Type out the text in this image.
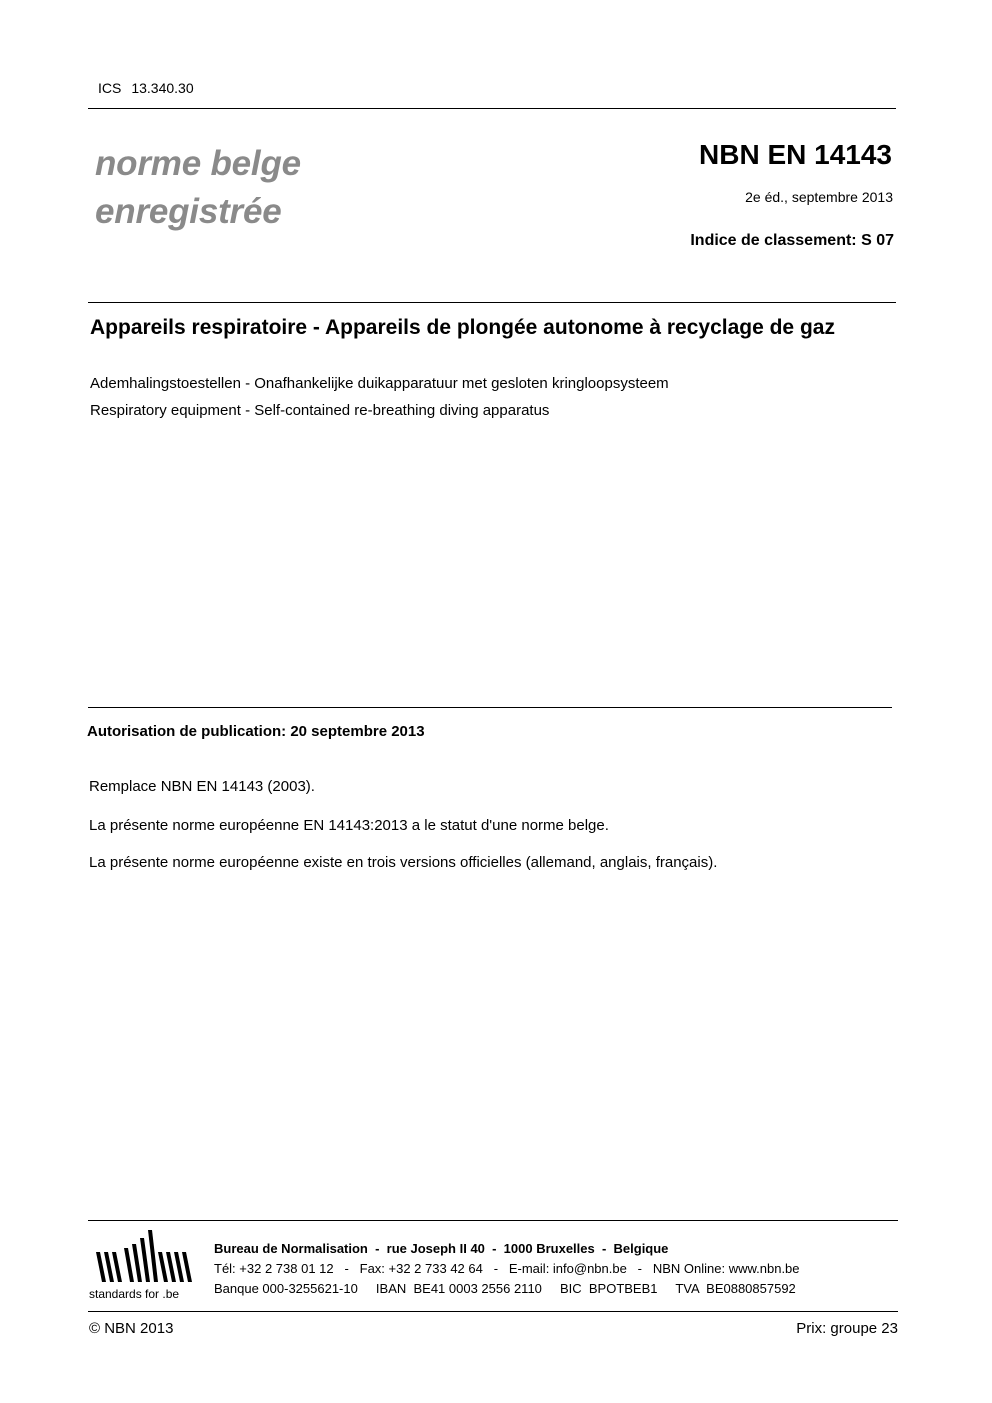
ICS 13.340.30
norme belge
enregistrée
NBN EN 14143
2e éd., septembre 2013
Indice de classement: S 07
Appareils respiratoire - Appareils de plongée autonome à recyclage de gaz
Ademhalingstoestellen - Onafhankelijke duikapparatuur met gesloten kringloopsysteem
Respiratory equipment - Self-contained re-breathing diving apparatus
Autorisation de publication: 20 septembre 2013
Remplace NBN EN 14143 (2003).
La présente norme européenne EN 14143:2013 a le statut d'une norme belge.
La présente norme européenne existe en trois versions officielles (allemand, anglais, français).
standards for .be
Bureau de Normalisation  -  rue Joseph II 40  -  1000 Bruxelles  -  Belgique
Tél: +32 2 738 01 12   -   Fax: +32 2 733 42 64   -   E-mail: info@nbn.be   -   NBN Online: www.nbn.be
Banque 000-3255621-10     IBAN  BE41 0003 2556 2110     BIC  BPOTBEB1     TVA  BE0880857592
© NBN 2013	Prix: groupe 23
